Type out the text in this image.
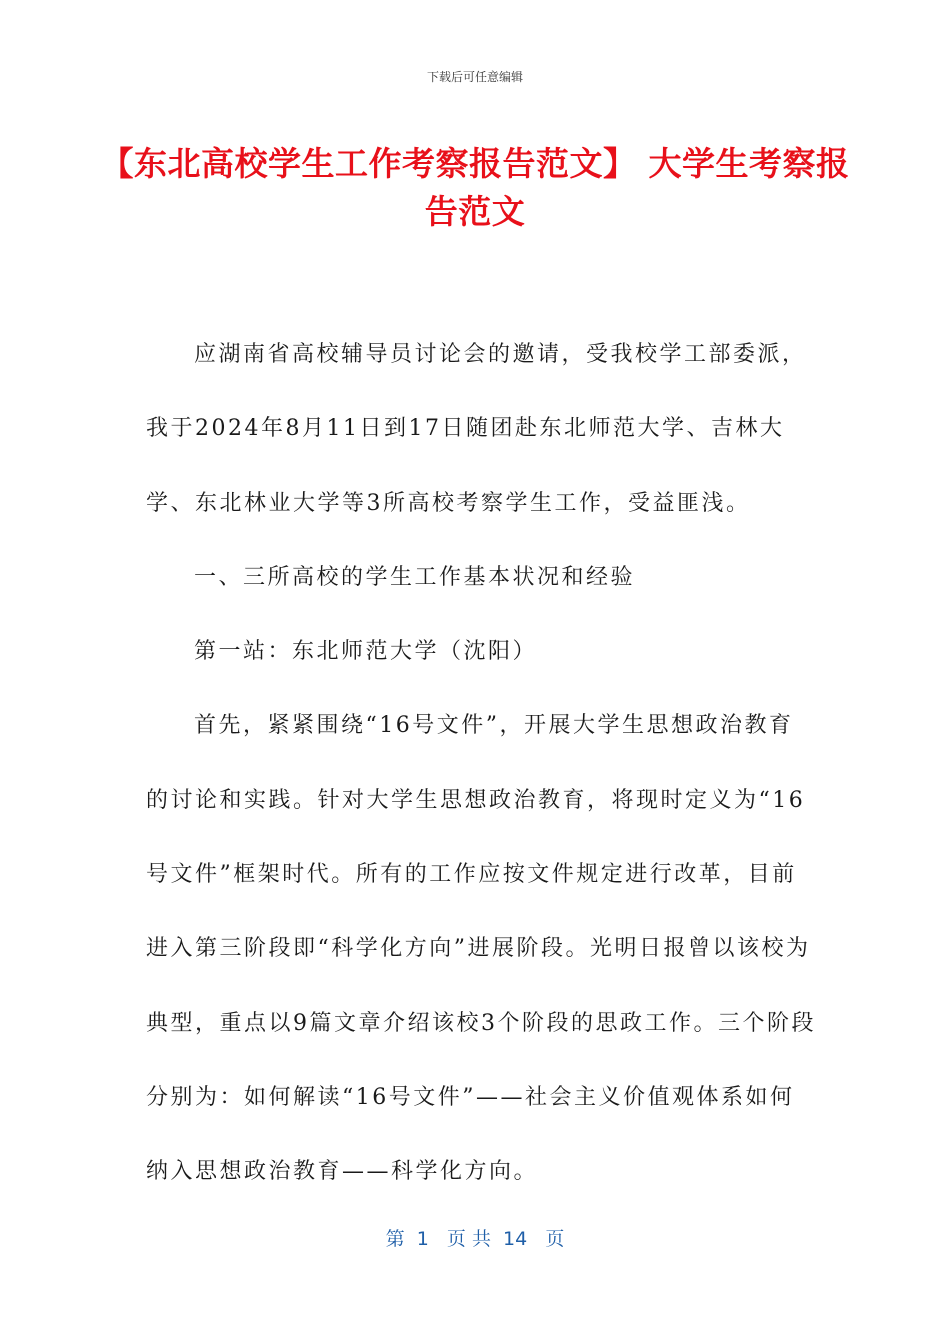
下载后可任意编辑
【东北高校学生工作考察报告范文】 大学生考察报告范文

应湖南省高校辅导员讨论会的邀请，受我校学工部委派，我于2024年8月11日到17日随团赴东北师范大学、吉林大学、东北林业大学等3所高校考察学生工作，受益匪浅。

一、三所高校的学生工作基本状况和经验

第一站：东北师范大学（沈阳）

首先，紧紧围绕“16号文件”，开展大学生思想政治教育的讨论和实践。针对大学生思想政治教育，将现时定义为“16号文件”框架时代。所有的工作应按文件规定进行改革，目前进入第三阶段即“科学化方向”进展阶段。光明日报曾以该校为典型，重点以9篇文章介绍该校3个阶段的思政工作。三个阶段分别为：如何解读“16号文件”——社会主义价值观体系如何纳入思想政治教育——科学化方向。

第  1   页 共  14   页
